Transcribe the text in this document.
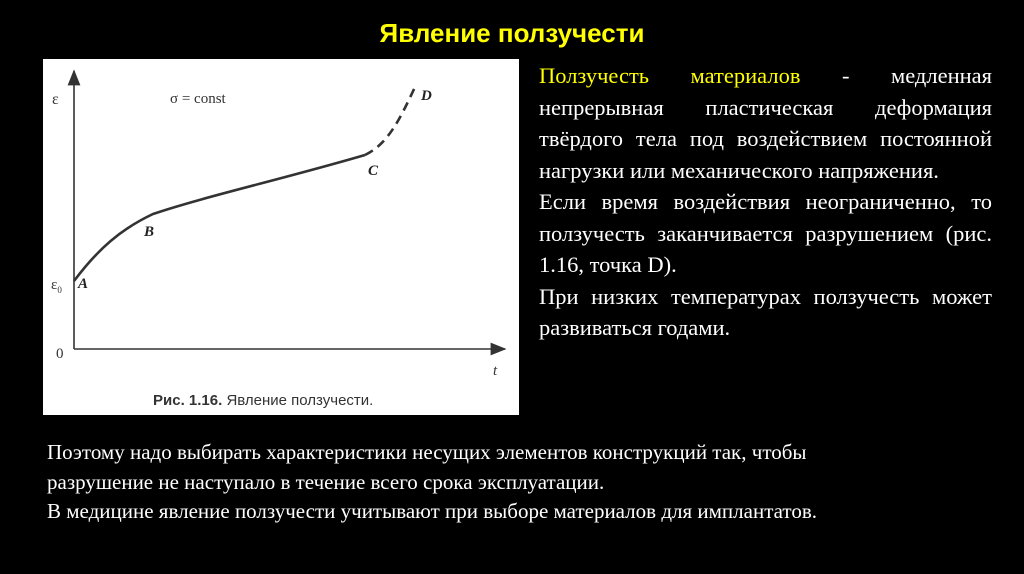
Явление ползучести
ε
t
0
$\varepsilon_0$
σ = const
A
B
C
D
Рис. 1.16. Явление ползучести.

Ползучесть материалов - медленная непрерывная пластическая деформация твёрдого тела под воздействием постоянной нагрузки или механического напряжения.

Если время воздействия неограниченно, то ползучесть заканчивается разрушением (рис. 1.16, точка D).

При низких температурах ползучесть может развиваться годами.

Поэтому надо выбирать характеристики несущих элементов конструкций так, чтобы

разрушение не наступало в течение всего срока эксплуатации.

В медицине явление ползучести учитывают при выборе материалов для имплантатов.
